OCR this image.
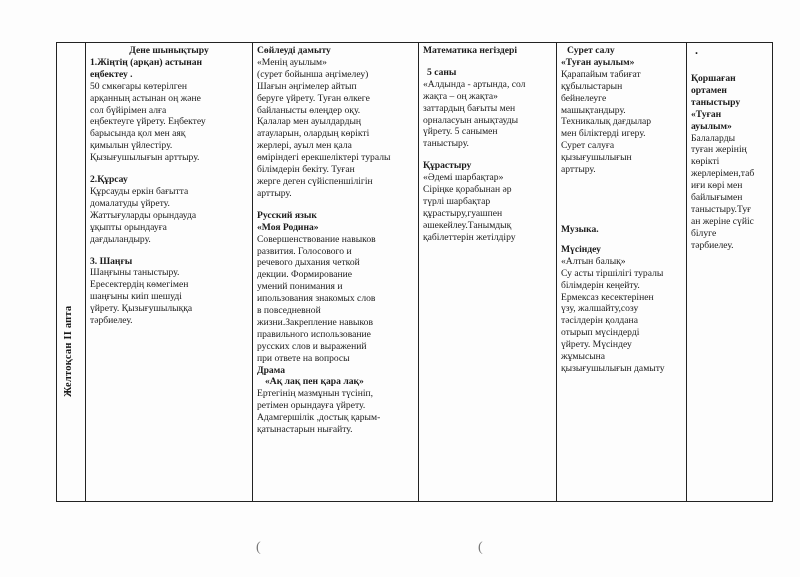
Желтоқсан ІІ апта
Дене шынықтыру
1.Жіңтің (арқан) астынан
еңбектеу .
50 смкөгары көтерілген
арқанның астынан оң және
сол бүйірімен алға
еңбектеуге үйрету. Еңбектеу
барысында қол мен аяқ
қимылын үйлестіру.
Қызығушылығын арттыру.
2.Құрсау
Құрсауды еркін бағытта
домалатуды үйрету.
Жаттығуларды орындауда
ұқыпты орындауға
дағдыландыру.
3. Шаңғы
Шаңғыны таныстыру.
Ересектердің көмегімен
шаңғыны киіп шешуді
үйрету. Қызығушылыққа
тәрбиелеу.
Сөйлеуді дамыту
«Менің ауылым»
(сурет бойынша әңгімелеу)
Шағын әңгімелер айтып
беруге үйрету. Туған өлкеге
байланысты өлеңдер оқу.
Қалалар мен ауылдардың
атауларын, олардың көрікті
жерлері, ауыл мен қала
өміріндегі ерекшеліктері туралы
білімдерін бекіту. Туған
жерге деген сүйіспеншілігін
арттыру.
Русский язык
«Моя Родина»
Совершенствование навыков
развития. Голосового и
речевого дыхания четкой
декции. Формирование
умений понимания и
ипользования знакомых слов
в повседневной
жизни.Закрепление навыков
правильного использование
русских слов и выражений
при ответе на вопросы
Драма
«Ақ лақ пен қара лақ»
Ертегінің мазмұнын түсініп,
ретімен орындауға үйрету.
Адамгершілік ,достық қарым-
қатынастарын нығайту.
Математика негіздері
5 саны
«Алдында - артында, сол
жақта – оң жақта»
заттардың бағыты мен
орналасуын анықтауды
үйрету. 5 санымен
таныстыру.
Құрастыру
«Әдемі шарбақтар»
Сіріңке қорабынан әр
түрлі шарбақтар
құрастыру,гуашпен
әшекейлеу.Танымдық
қабілеттерін жетілдіру
Сурет салу
«Туған ауылым»
Қарапайым табиғат
құбылыстарын
бейнелеуге
машықтандыру.
Техникалық дағдылар
мен біліктерді игеру.
Сурет салуға
қызығушылығын
арттыру.
Музыка.
Мүсіндеу
«Алтын балық»
Су асты тіршілігі туралы
білімдерін кеңейту.
Ермексаз кесектерінен
үзу, жалшайту,созу
тәсілдерін қолдана
отырып мүсіндерді
үйрету. Мүсіндеу
жұмысына
қызығушылығын дамыту
.
Қоршаған
ортамен
таныстыру
«Туған
ауылым»
Балаларды
туған жерінің
көрікті
жерлерімен,таб
иғи көрі мен
байлығымен
таныстыру.Туғ
ан жеріне сүйіс
білуге
тәрбиелеу.
(	(
